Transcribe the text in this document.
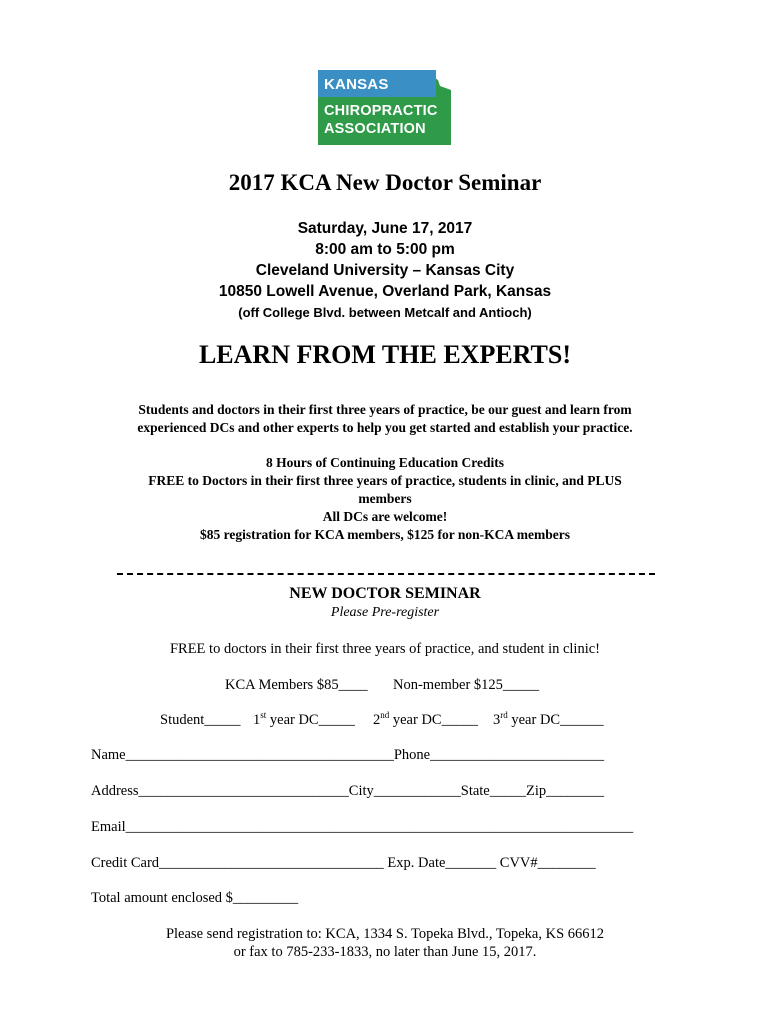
KANSAS
CHIROPRACTIC
ASSOCIATION
2017 KCA New Doctor Seminar
Saturday, June 17, 2017
8:00 am to 5:00 pm
Cleveland University – Kansas City
10850 Lowell Avenue, Overland Park, Kansas
(off College Blvd. between Metcalf and Antioch)
LEARN FROM THE EXPERTS!
Students and doctors in their first three years of practice, be our guest and learn from
experienced DCs and other experts to help you get started and establish your practice.
8 Hours of Continuing Education Credits
FREE to Doctors in their first three years of practice, students in clinic, and PLUS
members
All DCs are welcome!
$85 registration for KCA members, $125 for non-KCA members
NEW DOCTOR SEMINAR
Please Pre-register
FREE to doctors in their first three years of practice, and student in clinic!
KCA Members $85____ Non-member $125_____
Student_____ 1st year DC_____ 2nd year DC_____ 3rd year DC______
Name_____________________________________Phone________________________
Address_____________________________City____________State_____Zip________
Email______________________________________________________________________
Credit Card_______________________________ Exp. Date_______ CVV#________
Total amount enclosed $_________
Please send registration to: KCA, 1334 S. Topeka Blvd., Topeka, KS 66612
or fax to 785-233-1833, no later than June 15, 2017.
